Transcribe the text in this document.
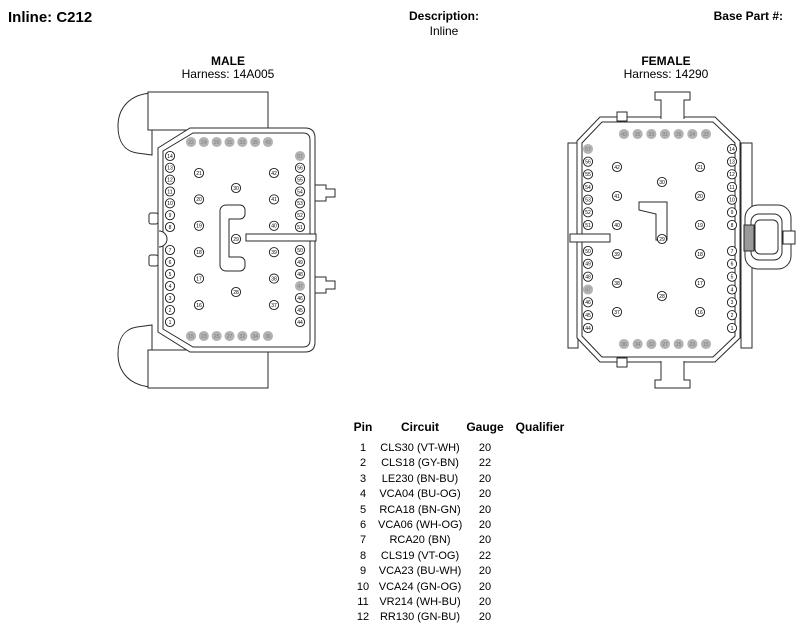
Inline: C212	Description:
Inline
Base Part #:
MALE
Harness: 14A005
FEMALE
Harness: 14290
22 24 26 31 33 35 43
14
13
12
11
10
9
8
7
6
5
4
3
2
1
21
20
19
18
17
16
30
29
28
42
41
40
39
38
37
57
56
55
54
53
52
51
50
49
48
47
46
45
44
15 23 25 27 32 34 36
43 35 33 31 26 24 22
57
56
55
54
53
52
51
50
49
48
47
46
45
44
42
41
40
39
38
37
30
29
28
21
20
19
18
17
16
14
13
12
11
10
9
8
7
6
5
4
3
2
1
36 34 32 27 25 23 15
Pin	Circuit	Gauge Qualifier
1	CLS30 (VT-WH)	20
2	CLS18 (GY-BN)	22
3	LE230 (BN-BU)	20
4	VCA04 (BU-OG)	20
5	RCA18 (BN-GN)	20
6	VCA06 (WH-OG)	20
7	RCA20 (BN)	20
8	CLS19 (VT-OG)	22
9	VCA23 (BU-WH)	20
10 VCA24 (GN-OG)	20
11 VR214 (WH-BU)	20
12 RR130 (GN-BU)	20
